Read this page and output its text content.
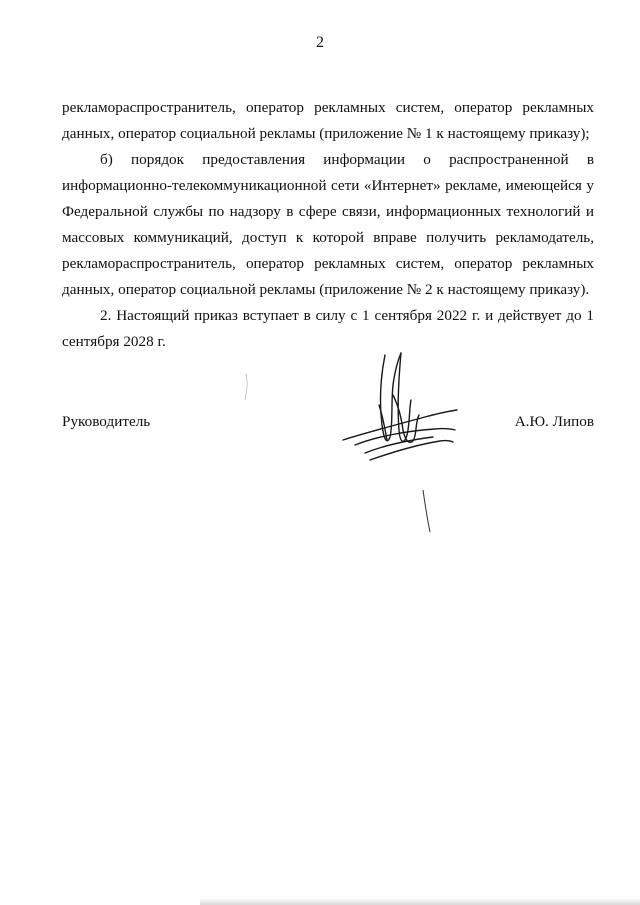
2

рекламораспространитель, оператор рекламных систем, оператор рекламных данных, оператор социальной рекламы (приложение № 1 к настоящему приказу);

б) порядок предоставления информации о распространенной в информационно-телекоммуникационной сети «Интернет» рекламе, имеющейся у Федеральной службы по надзору в сфере связи, информационных технологий и массовых коммуникаций, доступ к которой вправе получить рекламодатель, рекламораспространитель, оператор рекламных систем, оператор рекламных данных, оператор социальной рекламы (приложение № 2 к настоящему приказу).

2. Настоящий приказ вступает в силу с 1 сентября 2022 г. и действует до 1 сентября 2028 г.

Руководитель	А.Ю. Липов
